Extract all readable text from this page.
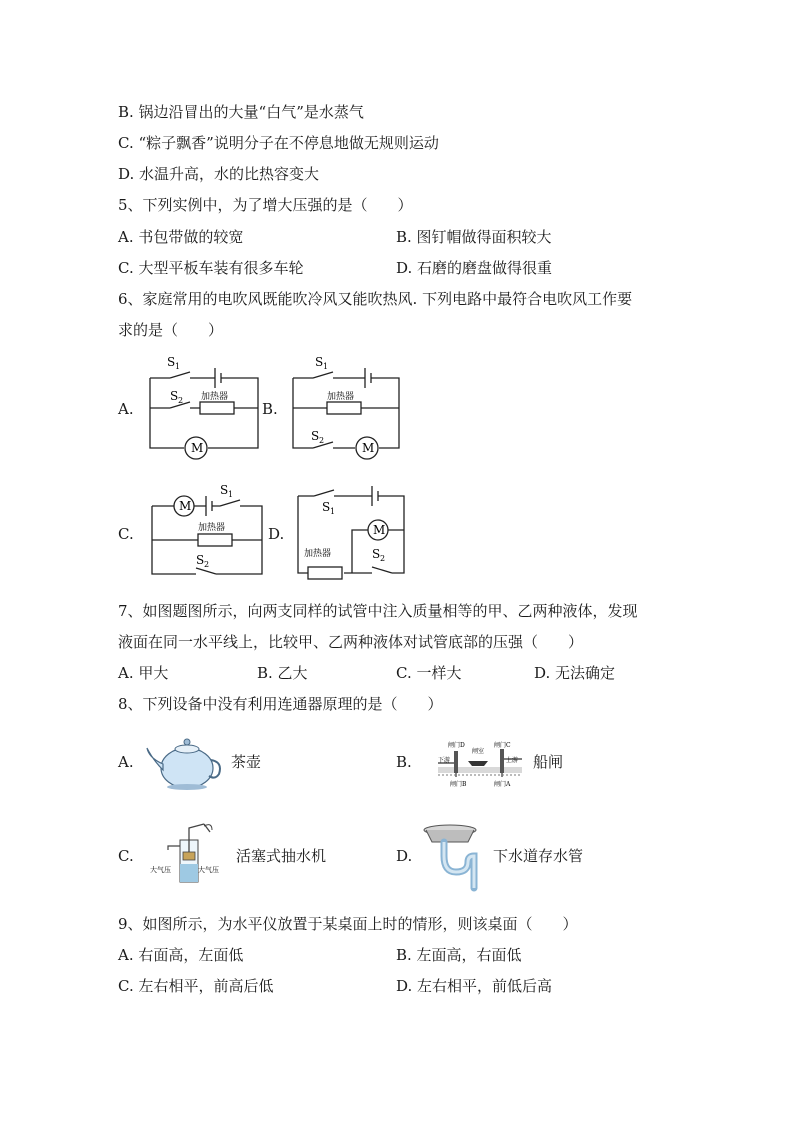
B. 锅边沿冒出的大量“白气”是水蒸气
C. “粽子飘香”说明分子在不停息地做无规则运动
D. 水温升高，水的比热容变大
5、下列实例中，为了增大压强的是（　　）
A. 书包带做的较宽	B. 图钉帽做得面积较大
C. 大型平板车装有很多车轮	D. 石磨的磨盘做得很重
6、家庭常用的电吹风既能吹冷风又能吹热风. 下列电路中最符合电吹风工作要
求的是（　　）
A.	B.
C.	D.
S 1
S 2 加热器
M
S 1
S 2
加热器
M
M
S 1
加热器
S 2
S 1
M
加热器	S 2
7、如图题图所示，向两支同样的试管中注入质量相等的甲、乙两种液体，发现
液面在同一水平线上，比较甲、乙两种液体对试管底部的压强（　　）
A. 甲大	B. 乙大	C. 一样大	D. 无法确定
8、下列设备中没有利用连通器原理的是（　　）
A.	茶壶	B.
闸门D
闸室
闸门C
下游	上游
闸门B	闸门A
船闸
C.
大气压	大气压
活塞式抽水机	D.	下水道存水管
9、如图所示，为水平仪放置于某桌面上时的情形，则该桌面（　　）
A. 右面高，左面低	B. 左面高，右面低
C. 左右相平，前高后低	D. 左右相平，前低后高
